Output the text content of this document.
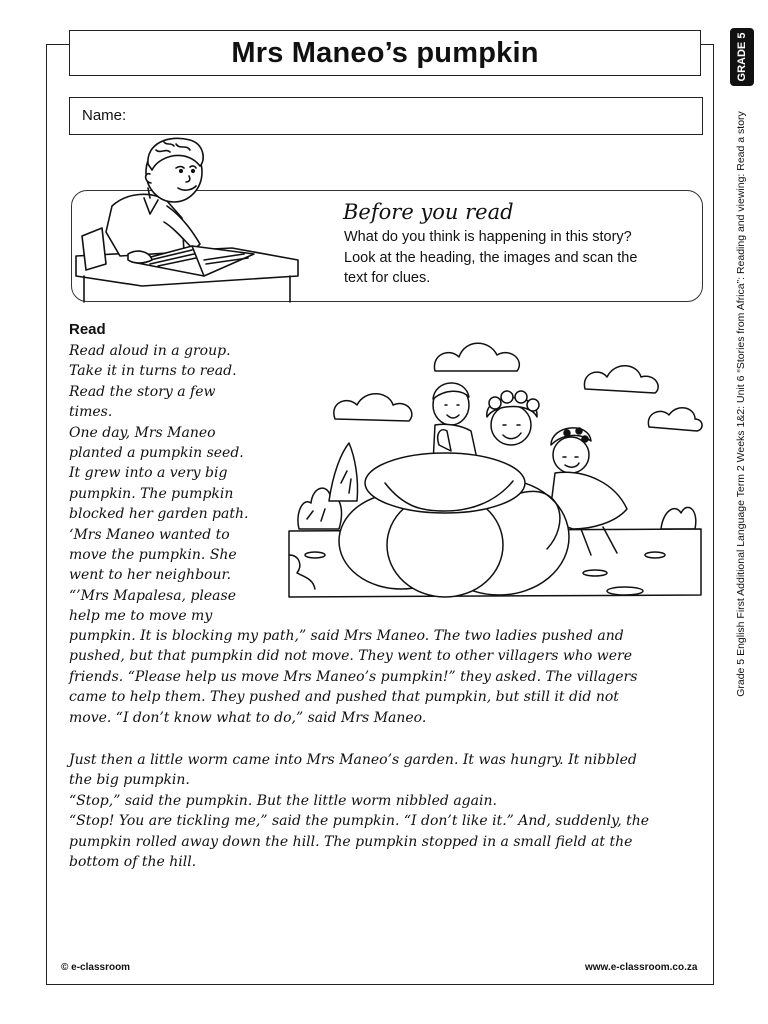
Mrs Maneo’s pumpkin	GRADE 5
Grade 5 English First Additional Language Term 2 Weeks 1&2: Unit 6 “Stories from Africa”: Reading and viewing: Read a story
Name:
Before you read
What do you think is happening in this story?
Look at the heading, the images and scan the
text for clues.
Read
Read aloud in a group.
Take it in turns to read.
Read the story a few
times.
One day, Mrs Maneo
planted a pumpkin seed.
It grew into a very big
pumpkin. The pumpkin
blocked her garden path.
‘Mrs Maneo wanted to
move the pumpkin. She
went to her neighbour.
“’Mrs Mapalesa, please
help me to move my
pumpkin. It is blocking my path,” said Mrs Maneo. The two ladies pushed and
pushed, but that pumpkin did not move. They went to other villagers who were
friends. “Please help us move Mrs Maneo’s pumpkin!” they asked. The villagers
came to help them. They pushed and pushed that pumpkin, but still it did not
move. “I don’t know what to do,” said Mrs Maneo.
Just then a little worm came into Mrs Maneo’s garden. It was hungry. It nibbled
the big pumpkin.
“Stop,” said the pumpkin. But the little worm nibbled again.
“Stop! You are tickling me,” said the pumpkin. “I don’t like it.” And, suddenly, the
pumpkin rolled away down the hill. The pumpkin stopped in a small field at the
bottom of the hill.
© e-classroom	www.e-classroom.co.za
